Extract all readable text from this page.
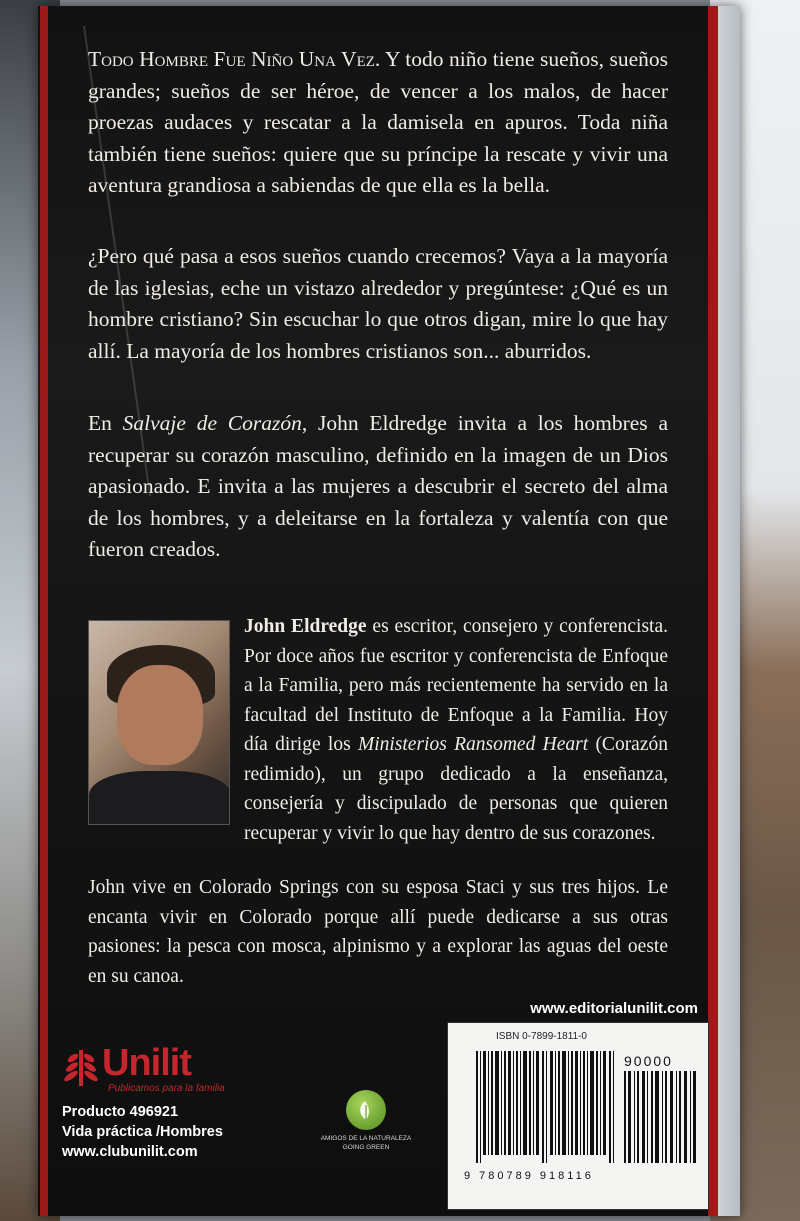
Todo Hombre Fue Niño Una Vez. Y todo niño tiene sueños, sueños grandes; sueños de ser héroe, de vencer a los malos, de hacer proezas audaces y rescatar a la damisela en apuros. Toda niña también tiene sueños: quiere que su príncipe la rescate y vivir una aventura grandiosa a sabiendas de que ella es la bella.
¿Pero qué pasa a esos sueños cuando crecemos? Vaya a la mayoría de las iglesias, eche un vistazo alrededor y pregúntese: ¿Qué es un hombre cristiano? Sin escuchar lo que otros digan, mire lo que hay allí. La mayoría de los hombres cristianos son... aburridos.
En Salvaje de Corazón, John Eldredge invita a los hombres a recuperar su corazón masculino, definido en la imagen de un Dios apasionado. E invita a las mujeres a descubrir el secreto del alma de los hombres, y a deleitarse en la fortaleza y valentía con que fueron creados.
John Eldredge es escritor, consejero y conferencista. Por doce años fue escritor y conferencista de Enfoque a la Familia, pero más recientemente ha servido en la facultad del Instituto de Enfoque a la Familia. Hoy día dirige los Ministerios Ransomed Heart (Corazón redimido), un grupo dedicado a la enseñanza, consejería y discipulado de personas que quieren recuperar y vivir lo que hay dentro de sus corazones.
John vive en Colorado Springs con su esposa Staci y sus tres hijos. Le encanta vivir en Colorado porque allí puede dedicarse a sus otras pasiones: la pesca con mosca, alpinismo y a explorar las aguas del oeste en su canoa.
www.editorialunilit.com
ISBN 0-7899-1811-0
90000
9 780789 918116
Unilit
Publicamos para la familia
Producto 496921
Vida práctica /Hombres
www.clubunilit.com
AMIGOS DE LA NATURALEZA
GOING GREEN
